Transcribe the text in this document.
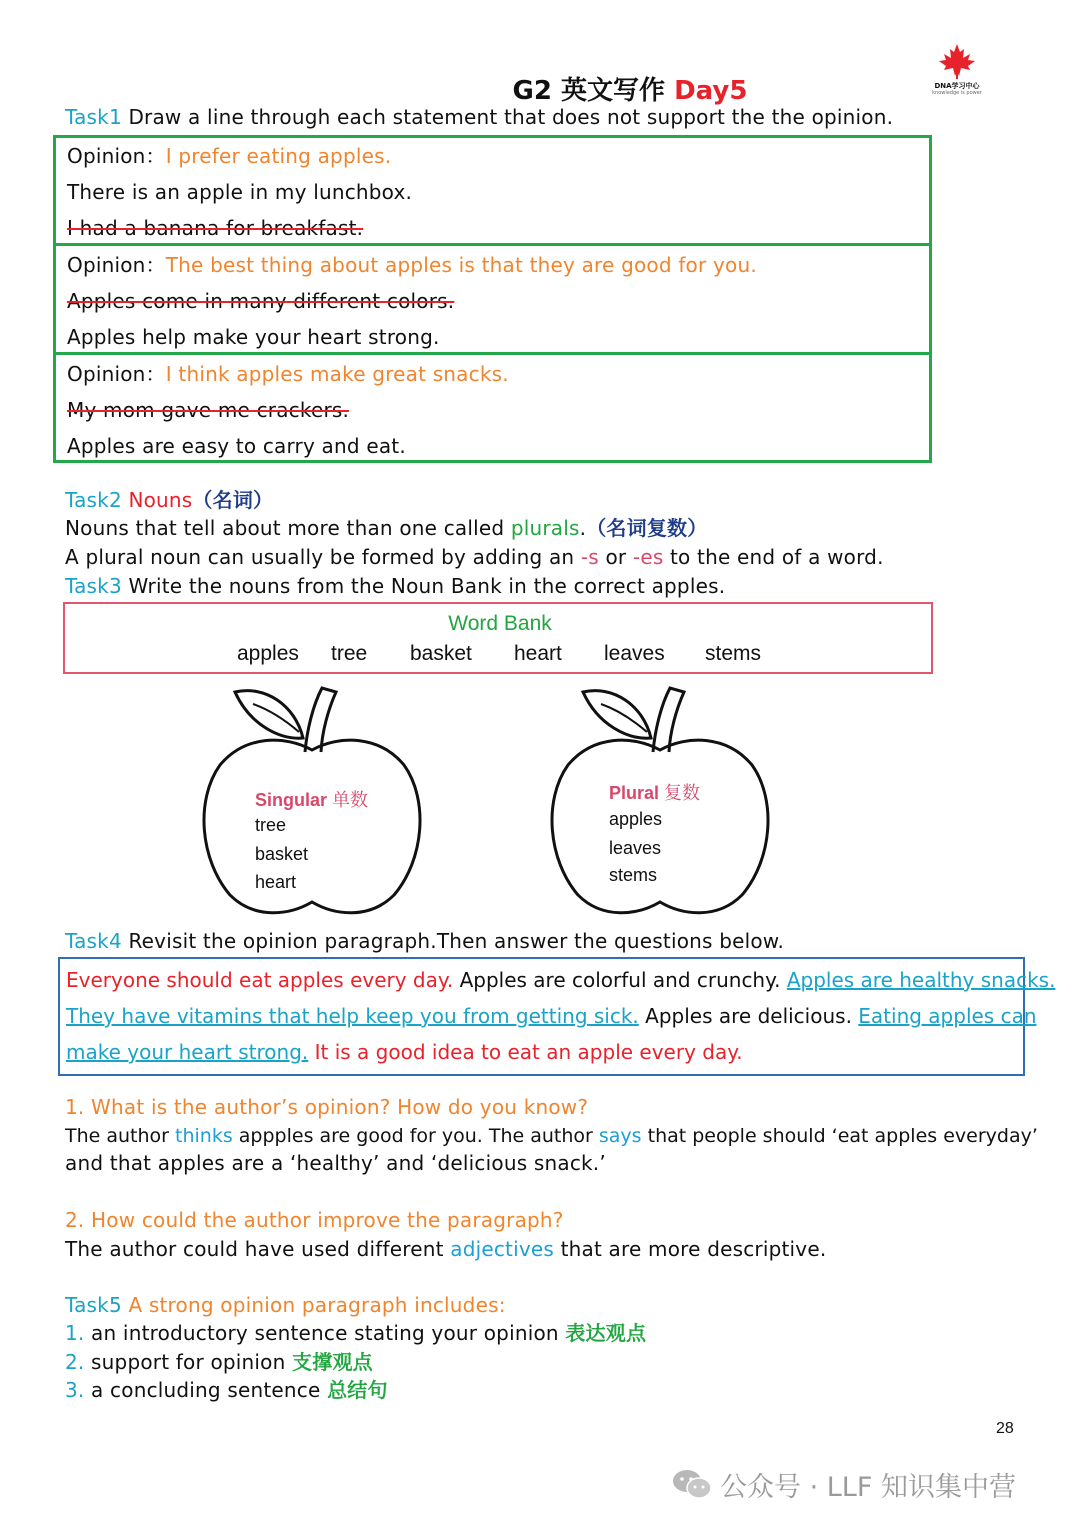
G2 英文写作 Day5	DNA学习中心
knowledge is power
Task1 Draw a line through each statement that does not support the the opinion.
Opinion：I prefer eating apples.
There is an apple in my lunchbox.
I had a banana for breakfast.
Opinion：The best thing about apples is that they are good for you.
Apples come in many different colors.
Apples help make your heart strong.
Opinion：I think apples make great snacks.
My mom gave me crackers.
Apples are easy to carry and eat.
Task2 Nouns（名词）
Nouns that tell about more than one called plurals.（名词复数）
A plural noun can usually be formed by adding an -s or -es to the end of a word.
Task3 Write the nouns from the Noun Bank in the correct apples.
Word Bank
apples tree basket heart leaves stems
Singular 单数
tree
basket
heart
Plural 复数
apples
leaves
stems
Task4 Revisit the opinion paragraph.Then answer the questions below.
Everyone should eat apples every day. Apples are colorful and crunchy. Apples are healthy snacks.
They have vitamins that help keep you from getting sick. Apples are delicious. Eating apples can
make your heart strong. It is a good idea to eat an apple every day.
1. What is the author’s opinion? How do you know?
The author thinks appples are good for you. The author says that people should ‘eat apples everyday’
and that apples are a ‘healthy’ and ‘delicious snack.’
2. How could the author improve the paragraph?
The author could have used different adjectives that are more descriptive.
Task5 A strong opinion paragraph includes:
1. an introductory sentence stating your opinion 表达观点
2. support for opinion 支撑观点
3. a concluding sentence 总结句
28
公众号 · LLF 知识集中营
